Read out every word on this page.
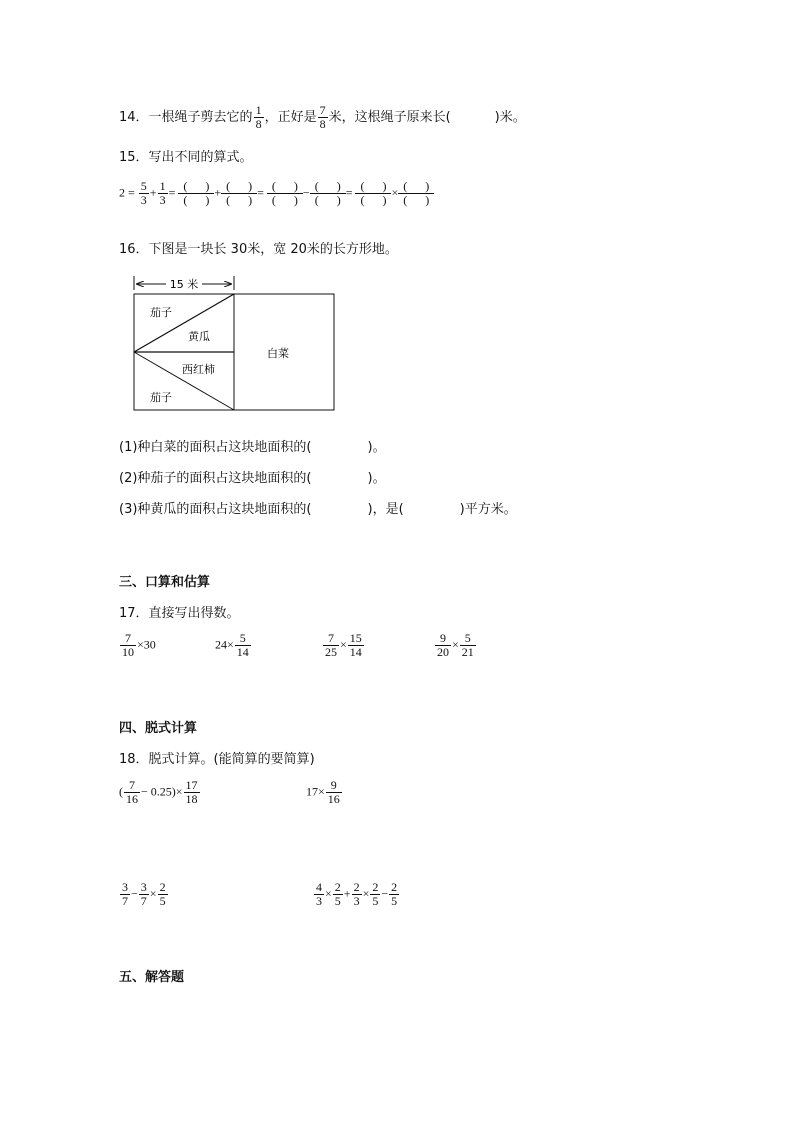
14．一根绳子剪去它的 $\frac{1}{8}$ ，正好是 $\frac{7}{8}$ 米，这根绳子原来长(	)米。
15．写出不同的算式。
$2 = \frac{5}{3} + \frac{1}{3}$ = ( )
( )
+ ( )
( )
= ( )
( )
− ( )
( )
= ( )
( )
× ( )
( )
16．下图是一块长 30米，宽 20米的长方形地。
15 米
茄子
黄瓜
西红柿
茄子
白菜
(1)种白菜的面积占这块地面积的(	)。
(2)种茄子的面积占这块地面积的(	)。
(3)种黄瓜的面积占这块地面积的(	)，是(	)平方米。
三、口算和估算
17．直接写出得数。
$\frac{7}{10} \times 30$	$24\times \frac{5}{14}$	$\frac{7}{25} \times \frac{15}{14}$	$\frac{9}{20} \times \frac{5}{21}$
四、脱式计算
18．脱式计算。(能简算的要简算)
( $\frac{7}{16} - 0.25)\times \frac{17}{18}$	$17\times \frac{9}{16}$
$\frac{3}{7} - \frac{3}{7} \times \frac{2}{5}$	$\frac{4}{3} \times \frac{2}{5} + \frac{2}{3} \times \frac{2}{5} - \frac{2}{5}$
五、解答题
